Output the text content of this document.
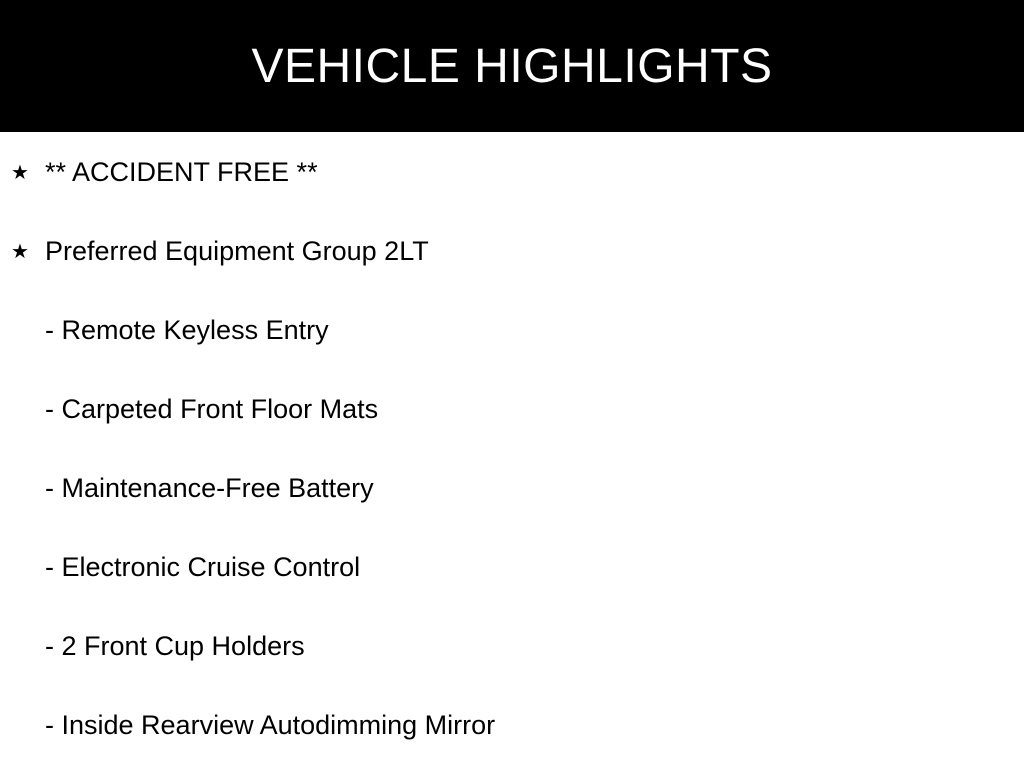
VEHICLE HIGHLIGHTS
★ ** ACCIDENT FREE **
★ Preferred Equipment Group 2LT
- Remote Keyless Entry
- Carpeted Front Floor Mats
- Maintenance-Free Battery
- Electronic Cruise Control
- 2 Front Cup Holders
- Inside Rearview Autodimming Mirror
